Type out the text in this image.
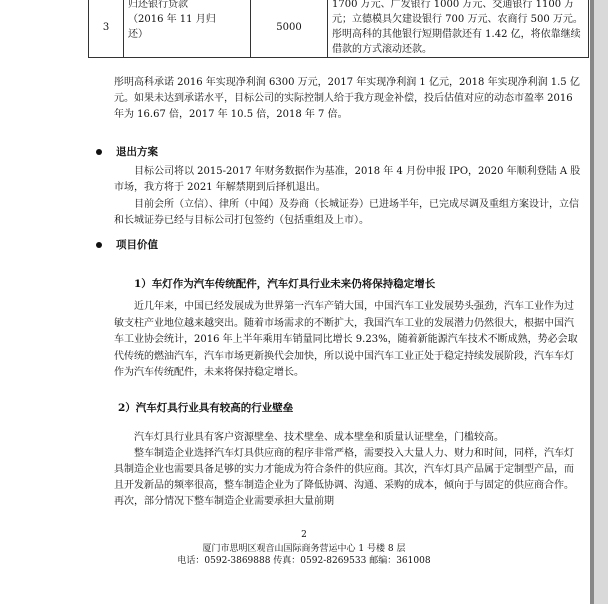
3	
归还银行贷款
（2016 年 11 月归
还）
	5000	1700 万元、广发银行 1000 万元、交通银行 1100 万元；立德模具欠建设银行 700 万元、农商行 500 万元。彤明高科的其他银行短期借款还有 1.42 亿，将依靠继续借款的方式滚动还款。

彤明高科承诺 2016 年实现净利润 6300 万元，2017 年实现净利润 1 亿元，2018 年实现净利润 1.5 亿元。如果未达到承诺水平，目标公司的实际控制人给于我方现金补偿，投后估值对应的动态市盈率 2016 年为 16.67 倍，2017 年 10.5 倍，2018 年 7 倍。

退出方案

目标公司将以 2015-2017 年财务数据作为基准，2018 年 4 月份申报 IPO，2020 年顺利登陆 A 股市场，我方将于 2021 年解禁期到后择机退出。

目前会所（立信）、律所（中闻）及券商（长城证券）已进场半年，已完成尽调及重组方案设计，立信和长城证券已经与目标公司打包签约（包括重组及上市）。

项目价值
1）车灯作为汽车传统配件，汽车灯具行业未来仍将保持稳定增长

近几年来，中国已经发展成为世界第一汽车产销大国，中国汽车工业发展势头强劲，汽车工业作为过敏支柱产业地位越来越突出。随着市场需求的不断扩大，我国汽车工业的发展潜力仍然很大，根据中国汽车工业协会统计，2016 年上半年乘用车销量同比增长 9.23%，随着新能源汽车技术不断成熟，势必会取代传统的燃油汽车，汽车市场更新换代会加快，所以说中国汽车工业正处于稳定持续发展阶段，汽车车灯作为汽车传统配件，未来将保持稳定增长。

2）汽车灯具行业具有较高的行业壁垒

汽车灯具行业具有客户资源壁垒、技术壁垒、成本壁垒和质量认证壁垒，门槛较高。

整车制造企业选择汽车灯具供应商的程序非常严格，需要投入大量人力、财力和时间，同样，汽车灯具制造企业也需要具备足够的实力才能成为符合条件的供应商。其次，汽车灯具产品属于定制型产品，而且开发新品的频率很高，整车制造企业为了降低协调、沟通、采购的成本，倾向于与固定的供应商合作。再次，部分情况下整车制造企业需要承担大量前期

2
厦门市思明区观音山国际商务营运中心 1 号楼 8 层
电话：0592-3869888 传真：0592-8269533 邮编：361008
